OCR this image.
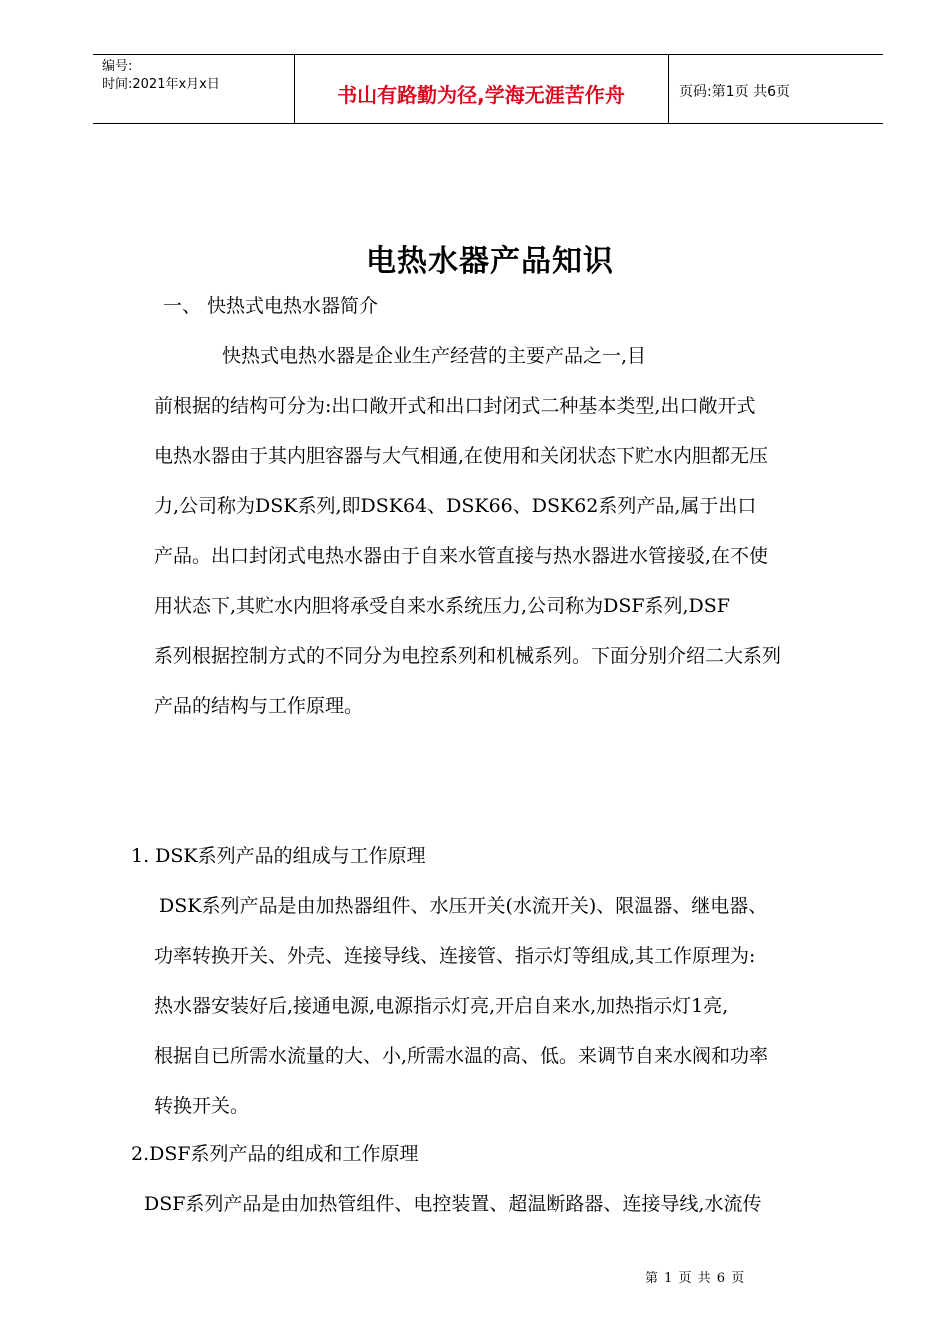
编号:
时间:2021年x月x日	书山有路勤为径,学海无涯苦作舟	页码:第1页 共6页
电热水器产品知识
一、 快热式电热水器简介
快热式电热水器是企业生产经营的主要产品之一,目
前根据的结构可分为:出口敞开式和出口封闭式二种基本类型,出口敞开式
电热水器由于其内胆容器与大气相通,在使用和关闭状态下贮水内胆都无压
力,公司称为DSK系列,即DSK64、DSK66、DSK62系列产品,属于出口
产品。出口封闭式电热水器由于自来水管直接与热水器进水管接驳,在不使
用状态下,其贮水内胆将承受自来水系统压力,公司称为DSF系列,DSF
系列根据控制方式的不同分为电控系列和机械系列。下面分别介绍二大系列
产品的结构与工作原理。
1. DSK系列产品的组成与工作原理
DSK系列产品是由加热器组件、水压开关(水流开关)、限温器、继电器、
功率转换开关、外壳、连接导线、连接管、指示灯等组成,其工作原理为:
热水器安装好后,接通电源,电源指示灯亮,开启自来水,加热指示灯1亮,
根据自已所需水流量的大、小,所需水温的高、低。来调节自来水阀和功率
转换开关。
2.DSF系列产品的组成和工作原理
DSF系列产品是由加热管组件、电控装置、超温断路器、连接导线,水流传
第 1 页 共 6 页
